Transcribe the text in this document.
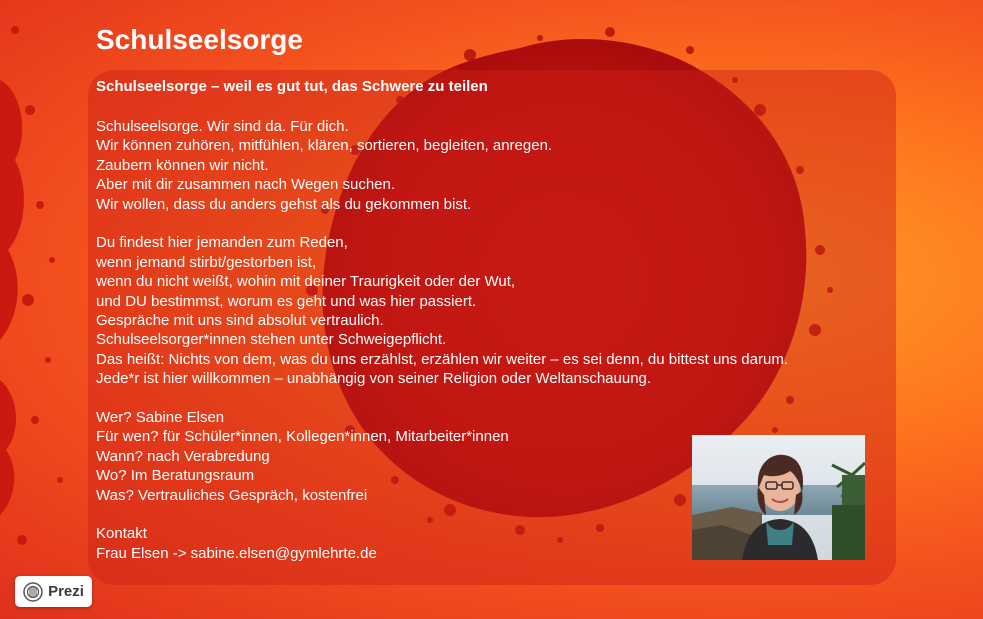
Schulseelsorge

Schulseelsorge – weil es gut tut, das Schwere zu teilen

Schulseelsorge. Wir sind da. Für dich.
Wir können zuhören, mitfühlen, klären, sortieren, begleiten, anregen.
Zaubern können wir nicht.
Aber mit dir zusammen nach Wegen suchen.
Wir wollen, dass du anders gehst als du gekommen bist.

Du findest hier jemanden zum Reden,
wenn jemand stirbt/gestorben ist,
wenn du nicht weißt, wohin mit deiner Traurigkeit oder der Wut,
und DU bestimmst, worum es geht und was hier passiert.
Gespräche mit uns sind absolut vertraulich.
Schulseelsorger*innen stehen unter Schweigepflicht.
Das heißt: Nichts von dem, was du uns erzählst, erzählen wir weiter – es sei denn, du bittest uns darum.
Jede*r ist hier willkommen – unabhängig von seiner Religion oder Weltanschauung.

Wer? Sabine Elsen
Für wen? für Schüler*innen, Kollegen*innen, Mitarbeiter*innen
Wann? nach Verabredung
Wo? Im Beratungsraum
Was? Vertrauliches Gespräch, kostenfrei

Kontakt
Frau Elsen -> sabine.elsen@gymlehrte.de

Prezi
